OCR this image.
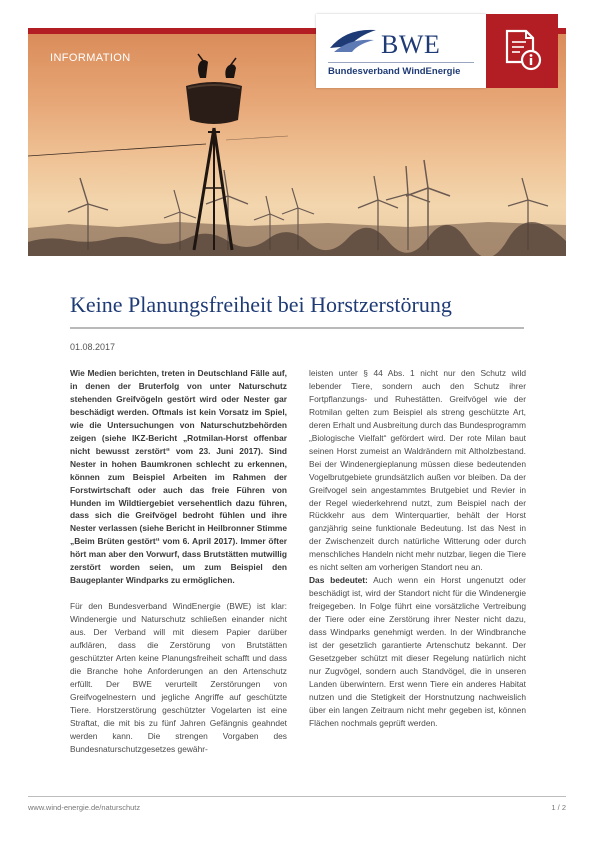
INFORMATION	BWE
Bundesverband WindEnergie
Keine Planungsfreiheit bei Horstzerstörung
01.08.2017

Wie Medien berichten, treten in Deutschland Fälle auf, in denen der Bruterfolg von unter Naturschutz stehenden Greifvögeln gestört wird oder Nester gar beschädigt werden. Oftmals ist kein Vorsatz im Spiel, wie die Untersuchungen von Naturschutzbehörden zeigen (siehe IKZ-Bericht „Rotmilan-Horst offenbar nicht bewusst zerstört“ vom 23. Juni 2017). Sind Nester in hohen Baumkronen schlecht zu erkennen, können zum Beispiel Arbeiten im Rahmen der Forstwirtschaft oder auch das freie Führen von Hunden im Wildtiergebiet versehentlich dazu führen, dass sich die Greifvögel bedroht fühlen und ihre Nester verlassen (siehe Bericht in Heilbronner Stimme „Beim Brüten gestört“ vom 6. April 2017). Immer öfter hört man aber den Vorwurf, dass Brutstätten mutwillig zerstört worden seien, um zum Beispiel den Baugeplanter Windparks zu ermöglichen.

Für den Bundesverband WindEnergie (BWE) ist klar: Windenergie und Naturschutz schließen einander nicht aus. Der Verband will mit diesem Papier darüber aufklären, dass die Zerstörung von Brutstätten geschützter Arten keine Planungsfreiheit schafft und dass die Branche hohe Anforderungen an den Artenschutz erfüllt. Der BWE verurteilt Zerstörungen von Greifvogelnestern und jegliche Angriffe auf geschützte Tiere. Horstzerstörung geschützter Vogelarten ist eine Straftat, die mit bis zu fünf Jahren Gefängnis geahndet werden kann. Die strengen Vorgaben des Bundesnaturschutzgesetzes gewähr-

leisten unter § 44 Abs. 1 nicht nur den Schutz wild lebender Tiere, sondern auch den Schutz ihrer Fortpflanzungs- und Ruhestätten. Greifvögel wie der Rotmilan gelten zum Beispiel als streng geschützte Art, deren Erhalt und Ausbreitung durch das Bundesprogramm „Biologische Vielfalt“ gefördert wird. Der rote Milan baut seinen Horst zumeist an Waldrändern mit Altholzbestand. Bei der Windenergieplanung müssen diese bedeutenden Vogelbrutgebiete grundsätzlich außen vor bleiben. Da der Greifvogel sein angestammtes Brutgebiet und Revier in der Regel wiederkehrend nutzt, zum Beispiel nach der Rückkehr aus dem Winterquartier, behält der Horst ganzjährig seine funktionale Bedeutung. Ist das Nest in der Zwischenzeit durch natürliche Witterung oder durch menschliches Handeln nicht mehr nutzbar, liegen die Tiere es nicht selten am vorherigen Standort neu an.

Das bedeutet: Auch wenn ein Horst ungenutzt oder beschädigt ist, wird der Standort nicht für die Windenergie freigegeben. In Folge führt eine vorsätzliche Vertreibung der Tiere oder eine Zerstörung ihrer Nester nicht dazu, dass Windparks genehmigt werden. In der Windbranche ist der gesetzlich garantierte Artenschutz bekannt. Der Gesetzgeber schützt mit dieser Regelung natürlich nicht nur Zugvögel, sondern auch Standvögel, die in unseren Landen überwintern. Erst wenn Tiere ein anderes Habitat nutzen und die Stetigkeit der Horstnutzung nachweislich über ein langen Zeitraum nicht mehr gegeben ist, können Flächen nochmals geprüft werden.

www.wind-energie.de/naturschutz	1 / 2
